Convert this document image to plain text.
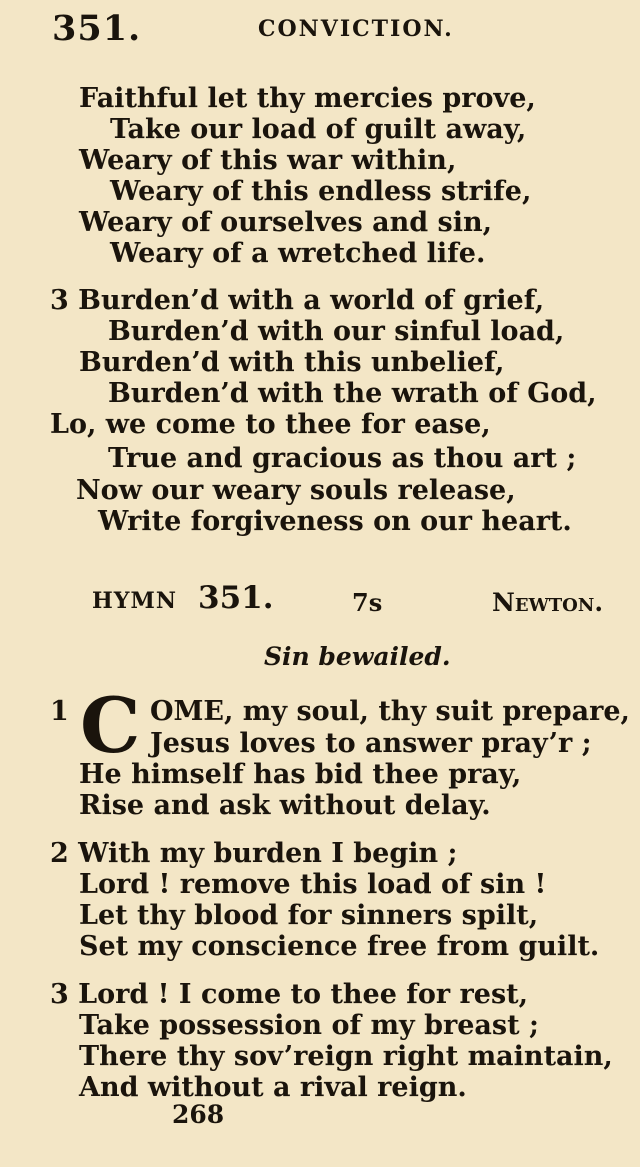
351.	CONVICTION.
Faithful let thy mercies prove,
Take our load of guilt away,
Weary of this war within,
Weary of this endless strife,
Weary of ourselves and sin,
Weary of a wretched life.
3 Burden’d with a world of grief,
Burden’d with our sinful load,
Burden’d with this unbelief,
Burden’d with the wrath of God,
Lo, we come to thee for ease,
True and gracious as thou art ;
Now our weary souls release,
Write forgiveness on our heart.
HYMN 351.	7s	Newton.
Sin bewailed.
1 C OME, my soul, thy suit prepare,
Jesus loves to answer pray’r ;
He himself has bid thee pray,
Rise and ask without delay.
2 With my burden I begin ;
Lord ! remove this load of sin !
Let thy blood for sinners spilt,
Set my conscience free from guilt.
3 Lord ! I come to thee for rest,
Take possession of my breast ;
There thy sov’reign right maintain,
And without a rival reign.
268
